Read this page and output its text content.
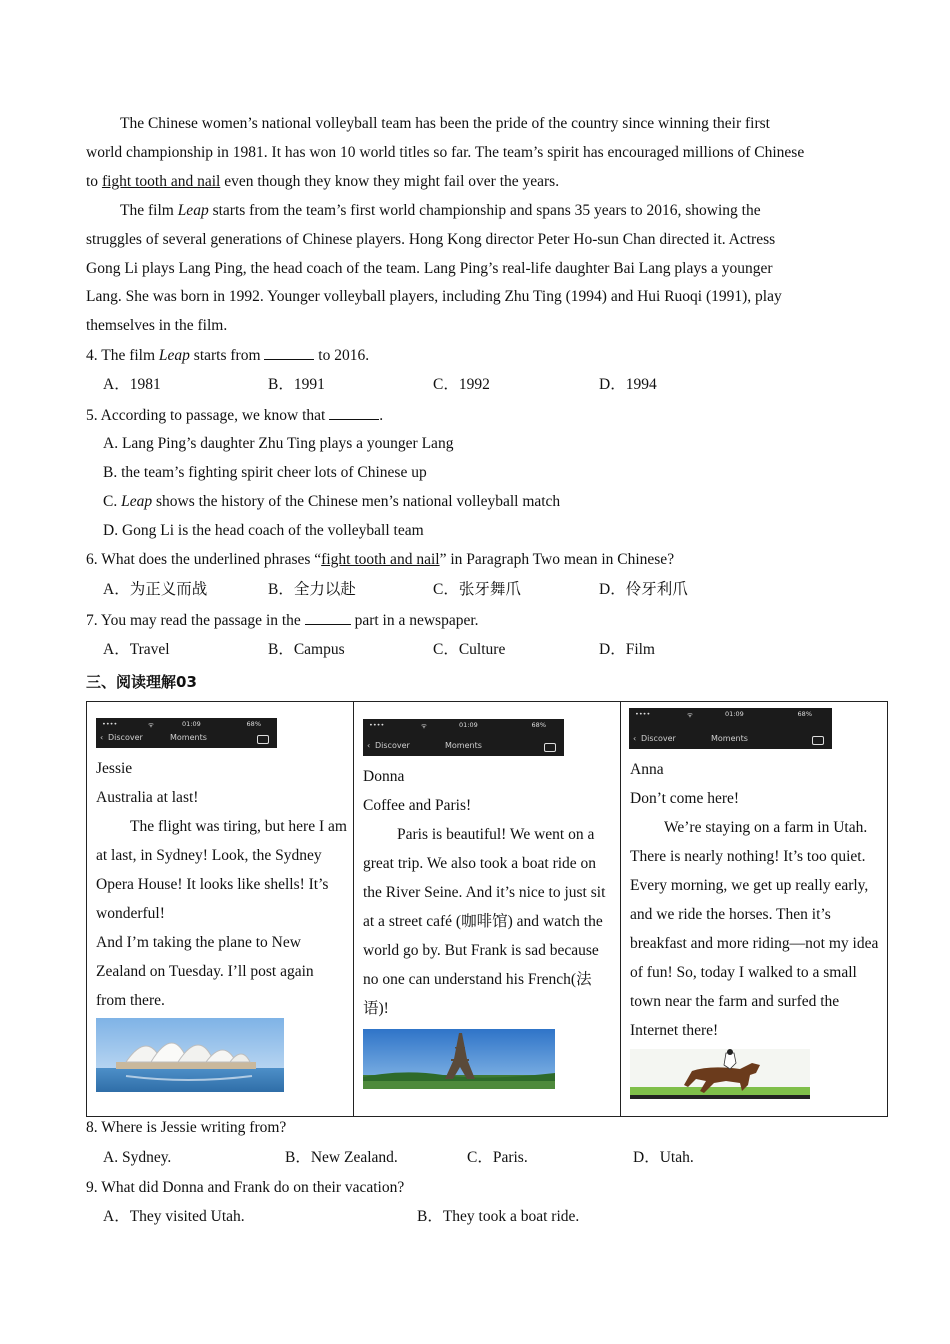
The Chinese women’s national volleyball team has been the pride of the country since winning their first
world championship in 1981. It has won 10 world titles so far. The team’s spirit has encouraged millions of Chinese
to fight tooth and nail even though they know they might fail over the years.
The film Leap starts from the team’s first world championship and spans 35 years to 2016, showing the
struggles of several generations of Chinese players. Hong Kong director Peter Ho-sun Chan directed it. Actress
Gong Li plays Lang Ping, the head coach of the team. Lang Ping’s real-life daughter Bai Lang plays a younger
Lang. She was born in 1992. Younger volleyball players, including Zhu Ting (1994) and Hui Ruoqi (1991), play
themselves in the film.
4. The film Leap starts from	to 2016.
A．1981	B．1991	C．1992	D．1994
5. According to passage, we know that	.
A. Lang Ping’s daughter Zhu Ting plays a younger Lang
B. the team’s fighting spirit cheer lots of Chinese up
C. Leap shows the history of the Chinese men’s national volleyball match
D. Gong Li is the head coach of the volleyball team
6. What does the underlined phrases “fight tooth and nail” in Paragraph Two mean in Chinese?
A．为正义而战	B．全力以赴	C．张牙舞爪	D．伶牙利爪
7. You may read the passage in the	part in a newspaper.
A．Travel	B．Campus	C．Culture	D．Film
三、阅读理解03
••••	ᯤ	01:09	68%
‹ Discover	Moments

Jessie

Australia at last!

The flight was tiring, but here I am at last, in Sydney! Look, the Sydney Opera House! It looks like shells! It’s wonderful!

And I’m taking the plane to New Zealand on Tuesday. I’ll post again from there.

••••	ᯤ	01:09	68%
‹ Discover	Moments

Donna

Coffee and Paris!

Paris is beautiful! We went on a great trip. We also took a boat ride on the River Seine. And it’s nice to just sit at a street café (咖啡馆) and watch the world go by. But Frank is sad because no one can understand his French(法语)!

••••	ᯤ	01:09	68%
‹ Discover	Moments

Anna

Don’t come here!

We’re staying on a farm in Utah. There is nearly nothing! It’s too quiet. Every morning, we get up really early, and we ride the horses. Then it’s breakfast and more riding—not my idea of fun! So, today I walked to a small town near the farm and surfed the Internet there!

8. Where is Jessie writing from?
A. Sydney.	B．New Zealand.	C．Paris.	D．Utah.
9. What did Donna and Frank do on their vacation?
A．They visited Utah.	B．They took a boat ride.
